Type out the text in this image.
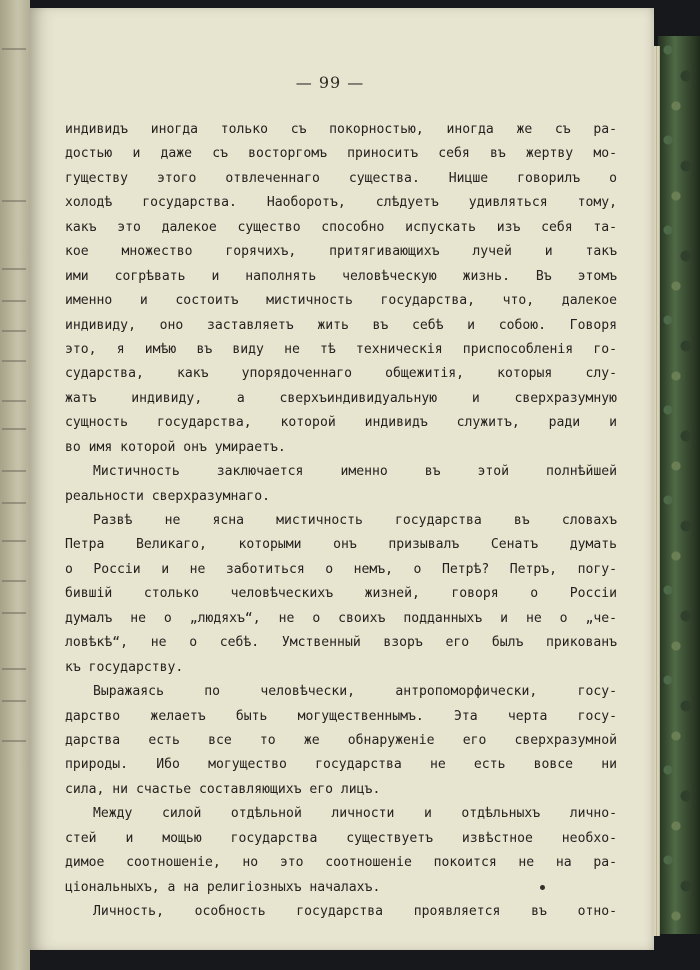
— 99 —
индивидъ иногда только съ покорностью, иногда же съ ра-
достью и даже съ восторгомъ приноситъ себя въ жертву мо-
гуществу этого отвлеченнаго существа. Ницше говорилъ о
холодѣ государства. Наоборотъ, слѣдуетъ удивляться тому,
какъ это далекое существо способно испускать изъ себя та-
кое множество горячихъ, притягивающихъ лучей и такъ
ими согрѣвать и наполнять человѣческую жизнь. Въ этомъ
именно и состоитъ мистичность государства, что, далекое
индивиду, оно заставляетъ жить въ себѣ и собою. Говоря
это, я имѣю въ виду не тѣ техническія приспособленія го-
сударства, какъ упорядоченнаго общежитія, которыя слу-
жатъ индивиду, а сверхъиндивидуальную и сверхразумную
сущность государства, которой индивидъ служитъ, ради и
во имя которой онъ умираетъ.
Мистичность заключается именно въ этой полнѣйшей
реальности сверхразумнаго.
Развѣ не ясна мистичность государства въ словахъ
Петра Великаго, которыми онъ призывалъ Сенатъ думать
о Россіи и не заботиться о немъ, о Петрѣ? Петръ, погу-
бившій столько человѣческихъ жизней, говоря о Россіи
думалъ не о „людяхъ“, не о своихъ подданныхъ и не о „че-
ловѣкѣ“, не о себѣ. Умственный взоръ его былъ прикованъ
къ государству.
Выражаясь по человѣчески, антропоморфически, госу-
дарство желаетъ быть могущественнымъ. Эта черта госу-
дарства есть все то же обнаруженіе его сверхразумной
природы. Ибо могущество государства не есть вовсе ни
сила, ни счастье составляющихъ его лицъ.
Между силой отдѣльной личности и отдѣльныхъ лично-
стей и мощью государства существуетъ извѣстное необхо-
димое соотношеніе, но это соотношеніе покоится не на ра-
ціональныхъ, а на религіозныхъ началахъ.
Личность, особность государства проявляется въ отно-
